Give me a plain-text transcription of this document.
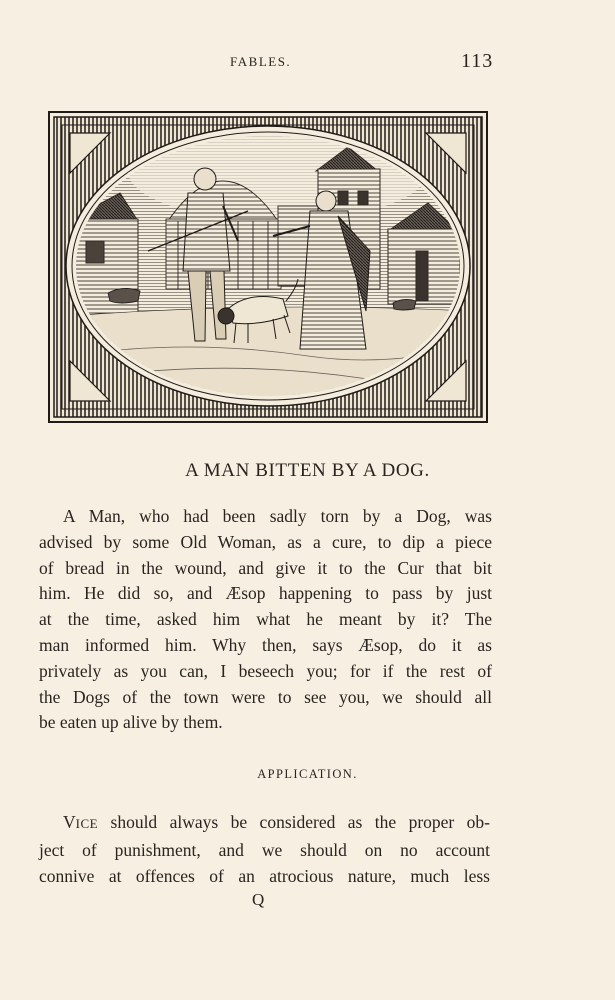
FABLES.	113
A MAN BITTEN BY A DOG.
A Man, who had been sadly torn by a Dog, was
advised by some Old Woman, as a cure, to dip a piece
of bread in the wound, and give it to the Cur that bit
him. He did so, and Æsop happening to pass by just
at the time, asked him what he meant by it? The
man informed him. Why then, says Æsop, do it as
privately as you can, I beseech you; for if the rest of
the Dogs of the town were to see you, we should all
be eaten up alive by them.
APPLICATION.
VICE should always be considered as the proper ob-
ject of punishment, and we should on no account
connive at offences of an atrocious nature, much less
Q
